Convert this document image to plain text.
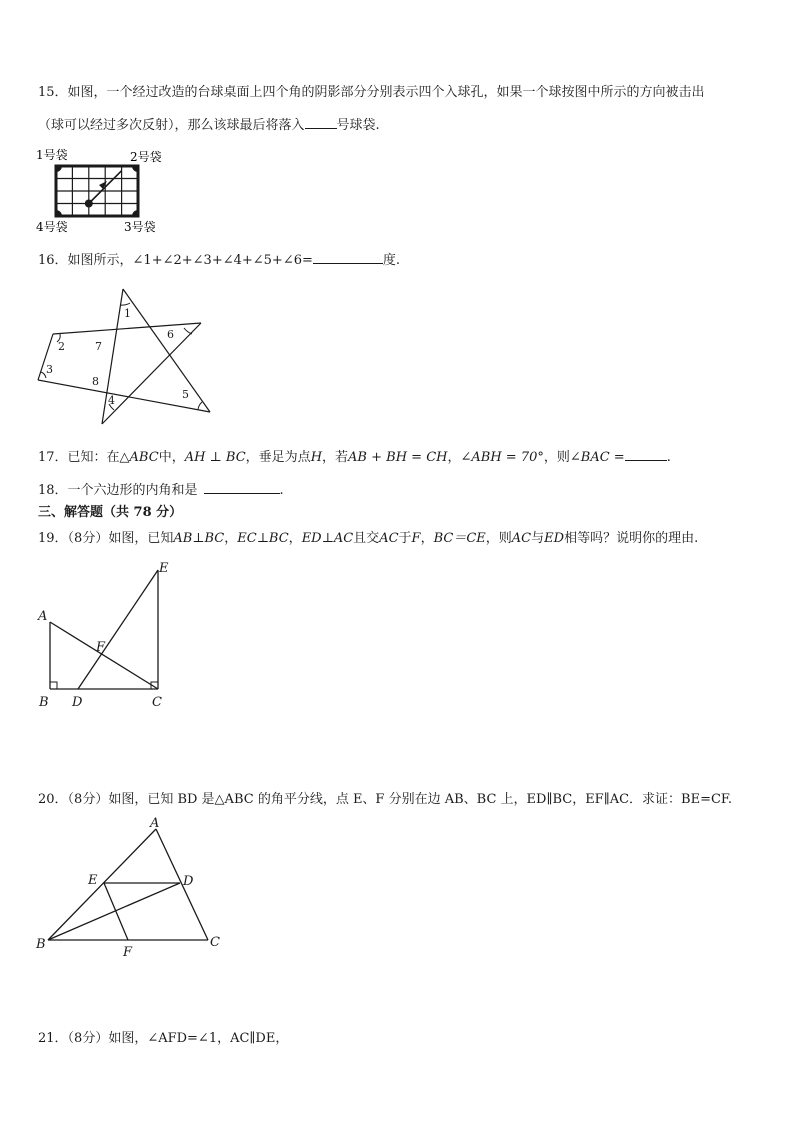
15．如图，一个经过改造的台球桌面上四个角的阴影部分分别表示四个入球孔，如果一个球按图中所示的方向被击出
（球可以经过多次反射），那么该球最后将落入 号球袋.
1号袋	2号袋
4号袋	3号袋
16．如图所示，∠1+∠2+∠3+∠4+∠5+∠6=	度.
1
2
3
4	5
6
7
8
17．已知：在△ABC中，AH ⊥ BC，垂足为点H，若AB + BH = CH，∠ABH = 70°，则∠BAC =	.
18．一个六边形的内角和是	.
三、解答题（共 78 分）
19．（8分）如图，已知AB⊥BC，EC⊥BC，ED⊥AC且交AC于F，BC＝CE，则AC与ED相等吗？说明你的理由.
A
B D	C
E
F
20．（8分）如图，已知 BD 是△ABC 的角平分线，点 E、F 分别在边 AB、BC 上，ED∥BC，EF∥AC．求证：BE=CF.
A
E	D
B	C
F
21．（8分）如图，∠AFD=∠1，AC∥DE，
